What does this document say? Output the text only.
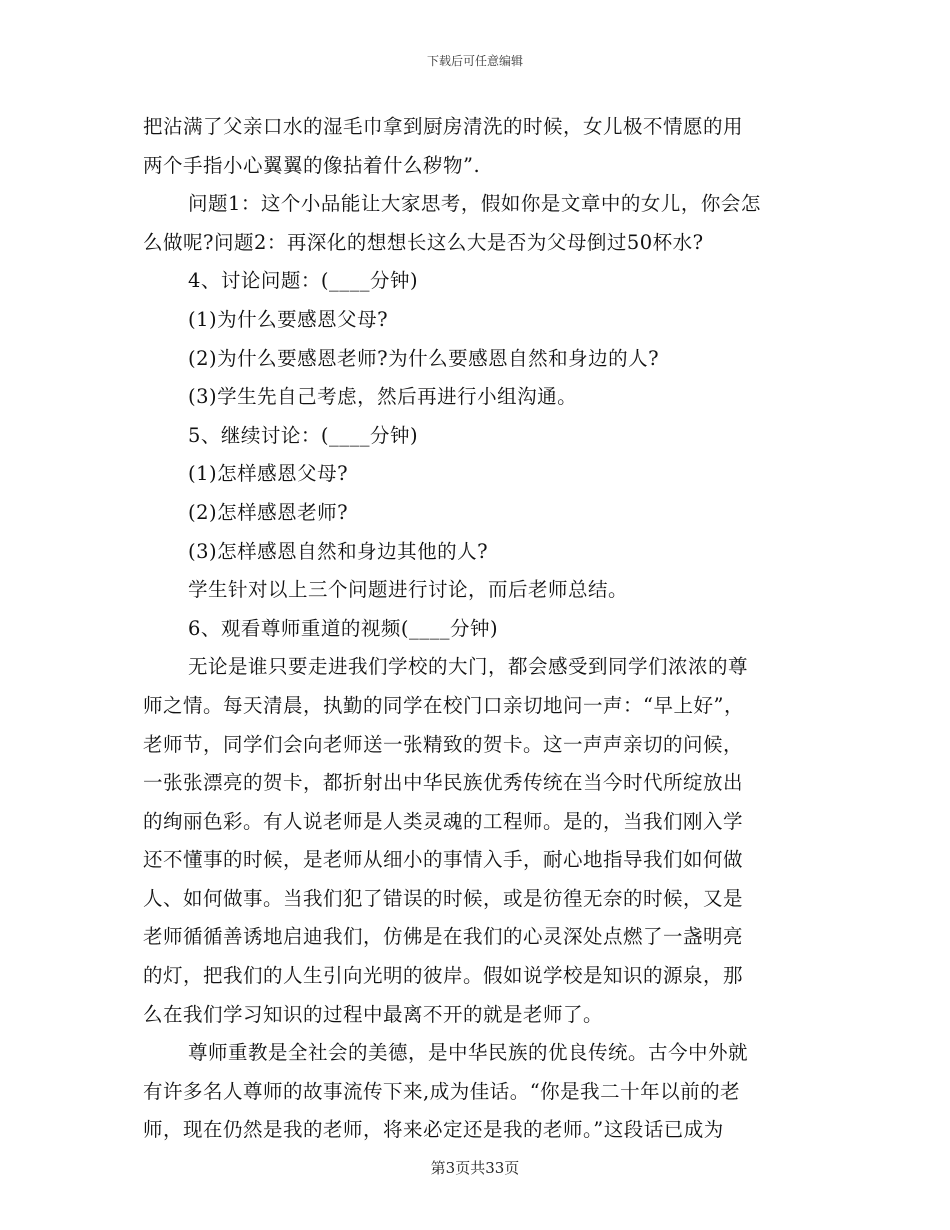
下载后可任意编辑
把沾满了父亲口水的湿毛巾拿到厨房清洗的时候，女儿极不情愿的用
两个手指小心翼翼的像拈着什么秽物”.
问题1：这个小品能让大家思考，假如你是文章中的女儿，你会怎
么做呢?问题2：再深化的想想长这么大是否为父母倒过50杯水?
4、讨论问题：(____分钟)
(1)为什么要感恩父母?
(2)为什么要感恩老师?为什么要感恩自然和身边的人?
(3)学生先自己考虑，然后再进行小组沟通。
5、继续讨论：(____分钟)
(1)怎样感恩父母?
(2)怎样感恩老师?
(3)怎样感恩自然和身边其他的人?
学生针对以上三个问题进行讨论，而后老师总结。
6、观看尊师重道的视频(____分钟)
无论是谁只要走进我们学校的大门，都会感受到同学们浓浓的尊
师之情。每天清晨，执勤的同学在校门口亲切地问一声：“早上好”，
老师节，同学们会向老师送一张精致的贺卡。这一声声亲切的问候，
一张张漂亮的贺卡，都折射出中华民族优秀传统在当今时代所绽放出
的绚丽色彩。有人说老师是人类灵魂的工程师。是的，当我们刚入学
还不懂事的时候，是老师从细小的事情入手，耐心地指导我们如何做
人、如何做事。当我们犯了错误的时候，或是彷徨无奈的时候，又是
老师循循善诱地启迪我们，仿佛是在我们的心灵深处点燃了一盏明亮
的灯，把我们的人生引向光明的彼岸。假如说学校是知识的源泉，那
么在我们学习知识的过程中最离不开的就是老师了。
尊师重教是全社会的美德，是中华民族的优良传统。古今中外就
有许多名人尊师的故事流传下来,成为佳话。“你是我二十年以前的老
师，现在仍然是我的老师，将来必定还是我的老师。”这段话已成为
第3页共33页
